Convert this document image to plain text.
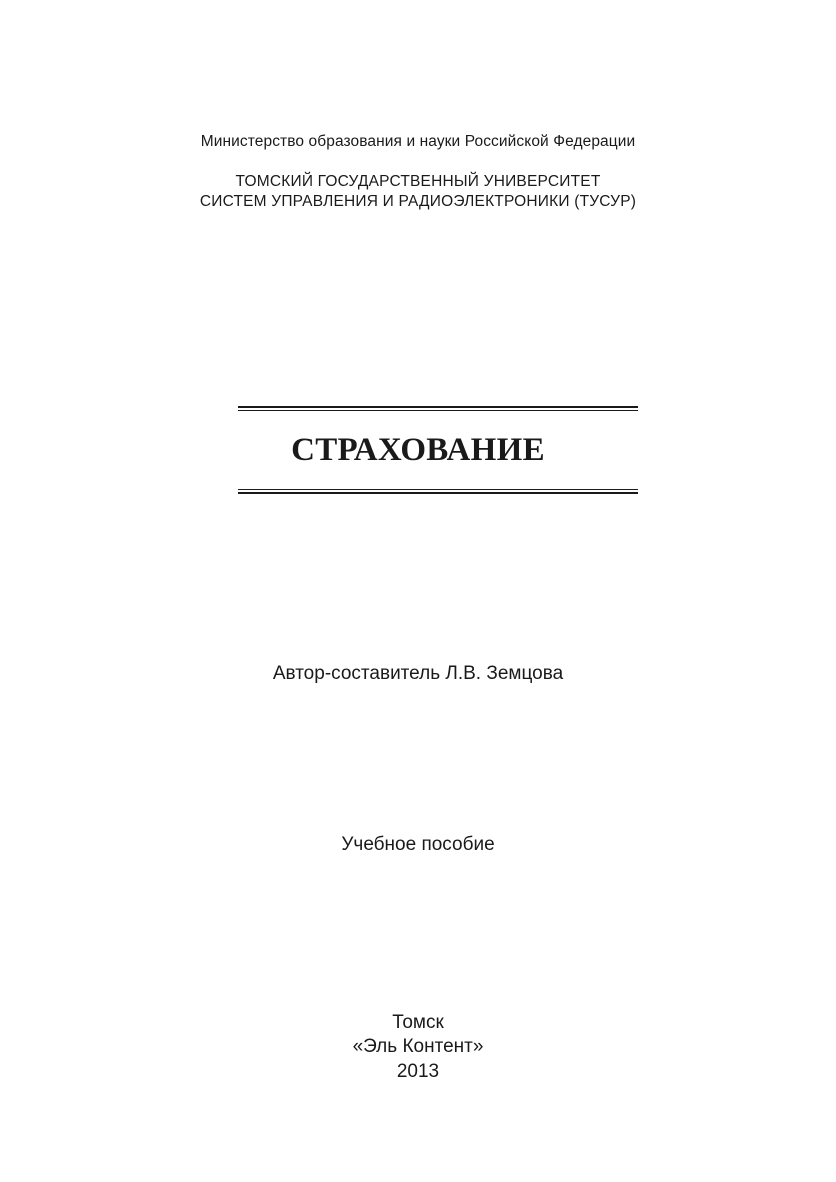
Министерство образования и науки Российской Федерации
ТОМСКИЙ ГОСУДАРСТВЕННЫЙ УНИВЕРСИТЕТ
СИСТЕМ УПРАВЛЕНИЯ И РАДИОЭЛЕКТРОНИКИ (ТУСУР)
СТРАХОВАНИЕ
Автор-составитель Л.В. Земцова
Учебное пособие
Томск
«Эль Контент»
2013
